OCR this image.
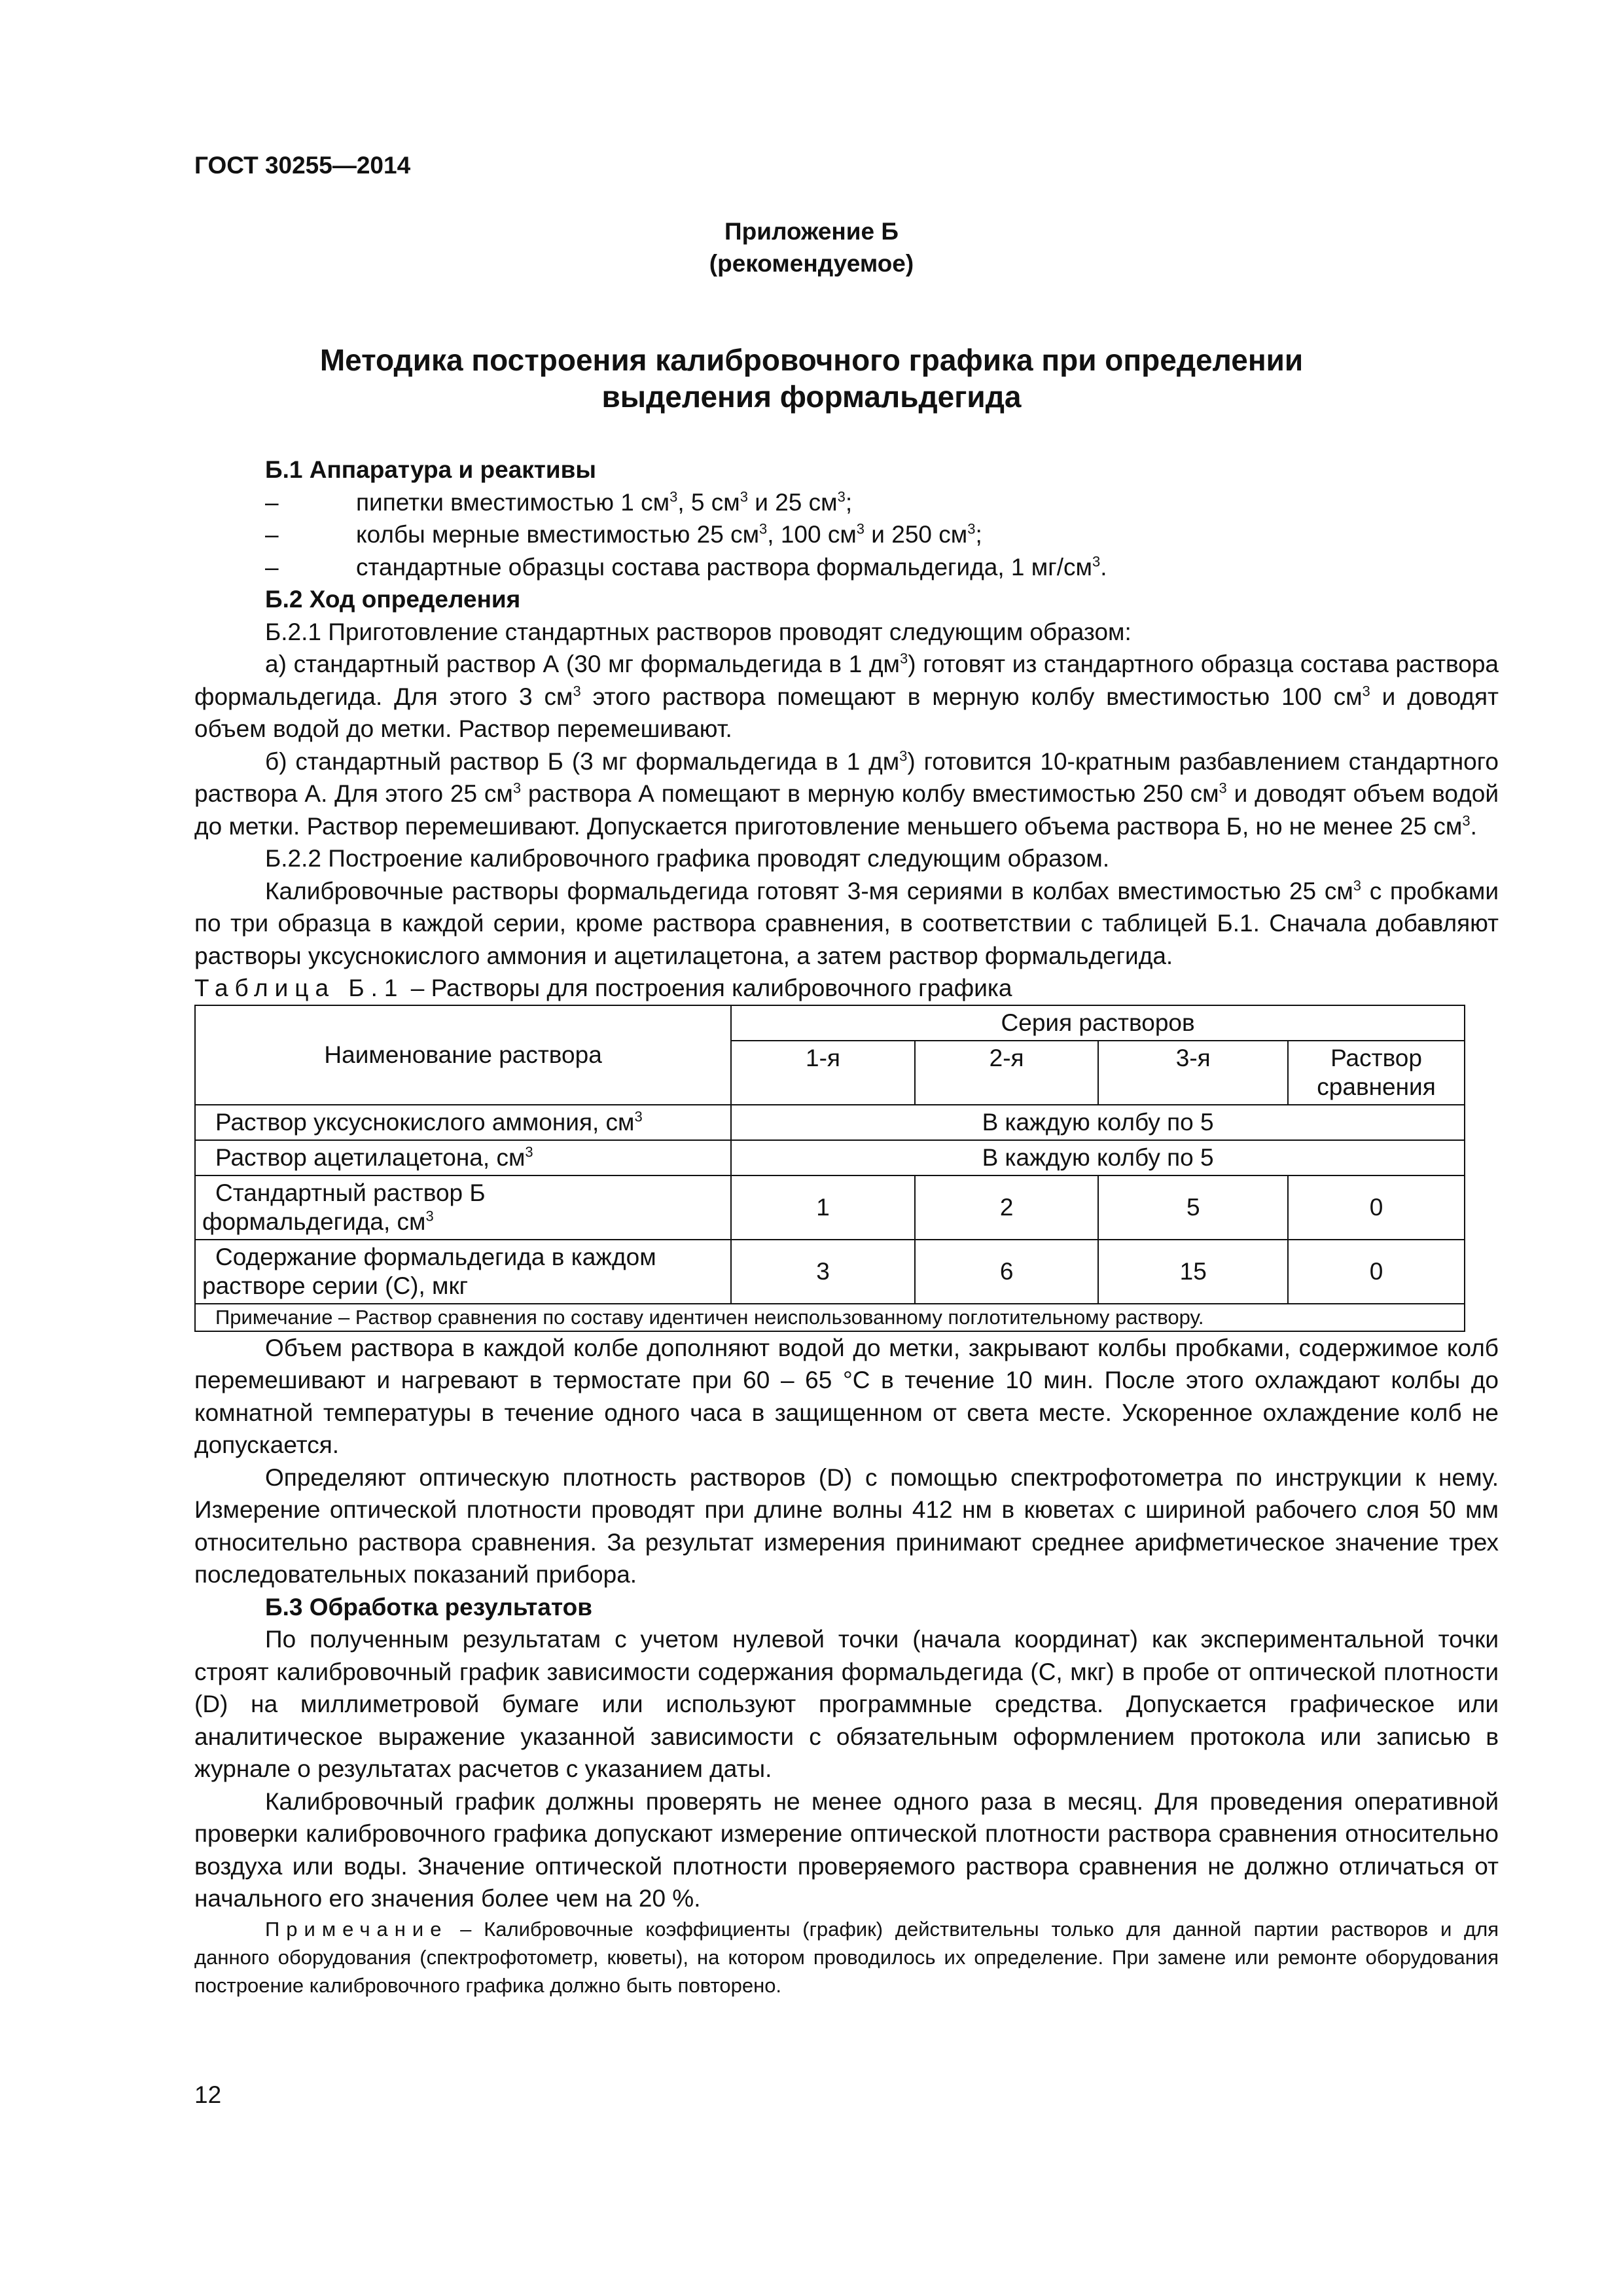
ГОСТ 30255—2014
Приложение Б
(рекомендуемое)
Методика построения калибровочного графика при определении
выделения формальдегида

Б.1 Аппаратура и реактивы

–	пипетки вместимостью 1 $см^3$, 5 $см^3$ и 25 $см^3$;

–	колбы мерные вместимостью 25 $см^3$, 100 $см^3$ и 250 $см^3$;

–	стандартные образцы состава раствора формальдегида, 1 $мг/см^3$.

Б.2 Ход определения

Б.2.1 Приготовление стандартных растворов проводят следующим образом:

а) стандартный раствор А (30 мг формальдегида в 1 $дм^3$) готовят из стандартного образца состава раствора формальдегида. Для этого 3 $см^3$ этого раствора помещают в мерную колбу вместимостью 100 $см^3$ и доводят объем водой до метки. Раствор перемешивают.

б) стандартный раствор Б (3 мг формальдегида в 1 $дм^3$) готовится 10-кратным разбавлением стандартного раствора А. Для этого 25 $см^3$ раствора А помещают в мерную колбу вместимостью 250 $см^3$ и доводят объем водой до метки. Раствор перемешивают. Допускается приготовление меньшего объема раствора Б, но не менее 25 $см^3$.

Б.2.2 Построение калибровочного графика проводят следующим образом.

Калибровочные растворы формальдегида готовят 3-мя сериями в колбах вместимостью 25 $см^3$ с пробками по три образца в каждой серии, кроме раствора сравнения, в соответствии с таблицей Б.1. Сначала добавляют растворы уксуснокислого аммония и ацетилацетона, а затем раствор формальдегида.

Таблица Б.1 – Растворы для построения калибровочного графика

Наименование раствора	Серия растворов			
	1-я	2-я	3-я	Раствор сравнения
Раствор уксуснокислого аммония, $см^3$	В каждую колбу по 5			
Раствор ацетилацетона, $см^3$	В каждую колбу по 5			
Стандартный раствор Б
формальдегида, $см^3$	1	2	5	0
Содержание формальдегида в каждом
растворе серии (С), мкг	3	6	15	0
Примечание – Раствор сравнения по составу идентичен неиспользованному поглотительному раствору.				

Объем раствора в каждой колбе дополняют водой до метки, закрывают колбы пробками, содержимое колб перемешивают и нагревают в термостате при 60 – 65 °С в течение 10 мин. После этого охлаждают колбы до комнатной температуры в течение одного часа в защищенном от света месте. Ускоренное охлаждение колб не допускается.

Определяют оптическую плотность растворов (D) с помощью спектрофотометра по инструкции к нему. Измерение оптической плотности проводят при длине волны 412 нм в кюветах с шириной рабочего слоя 50 мм относительно раствора сравнения. За результат измерения принимают среднее арифметическое значение трех последовательных показаний прибора.

Б.3 Обработка результатов

По полученным результатам с учетом нулевой точки (начала координат) как экспериментальной точки строят калибровочный график зависимости содержания формальдегида (С, мкг) в пробе от оптической плотности (D) на миллиметровой бумаге или используют программные средства. Допускается графическое или аналитическое выражение указанной зависимости с обязательным оформлением протокола или записью в журнале о результатах расчетов с указанием даты.

Калибровочный график должны проверять не менее одного раза в месяц. Для проведения оперативной проверки калибровочного графика допускают измерение оптической плотности раствора сравнения относительно воздуха или воды. Значение оптической плотности проверяемого раствора сравнения не должно отличаться от начального его значения более чем на 20 %.

Примечание – Калибровочные коэффициенты (график) действительны только для данной партии растворов и для данного оборудования (спектрофотометр, кюветы), на котором проводилось их определение. При замене или ремонте оборудования построение калибровочного графика должно быть повторено.

12
